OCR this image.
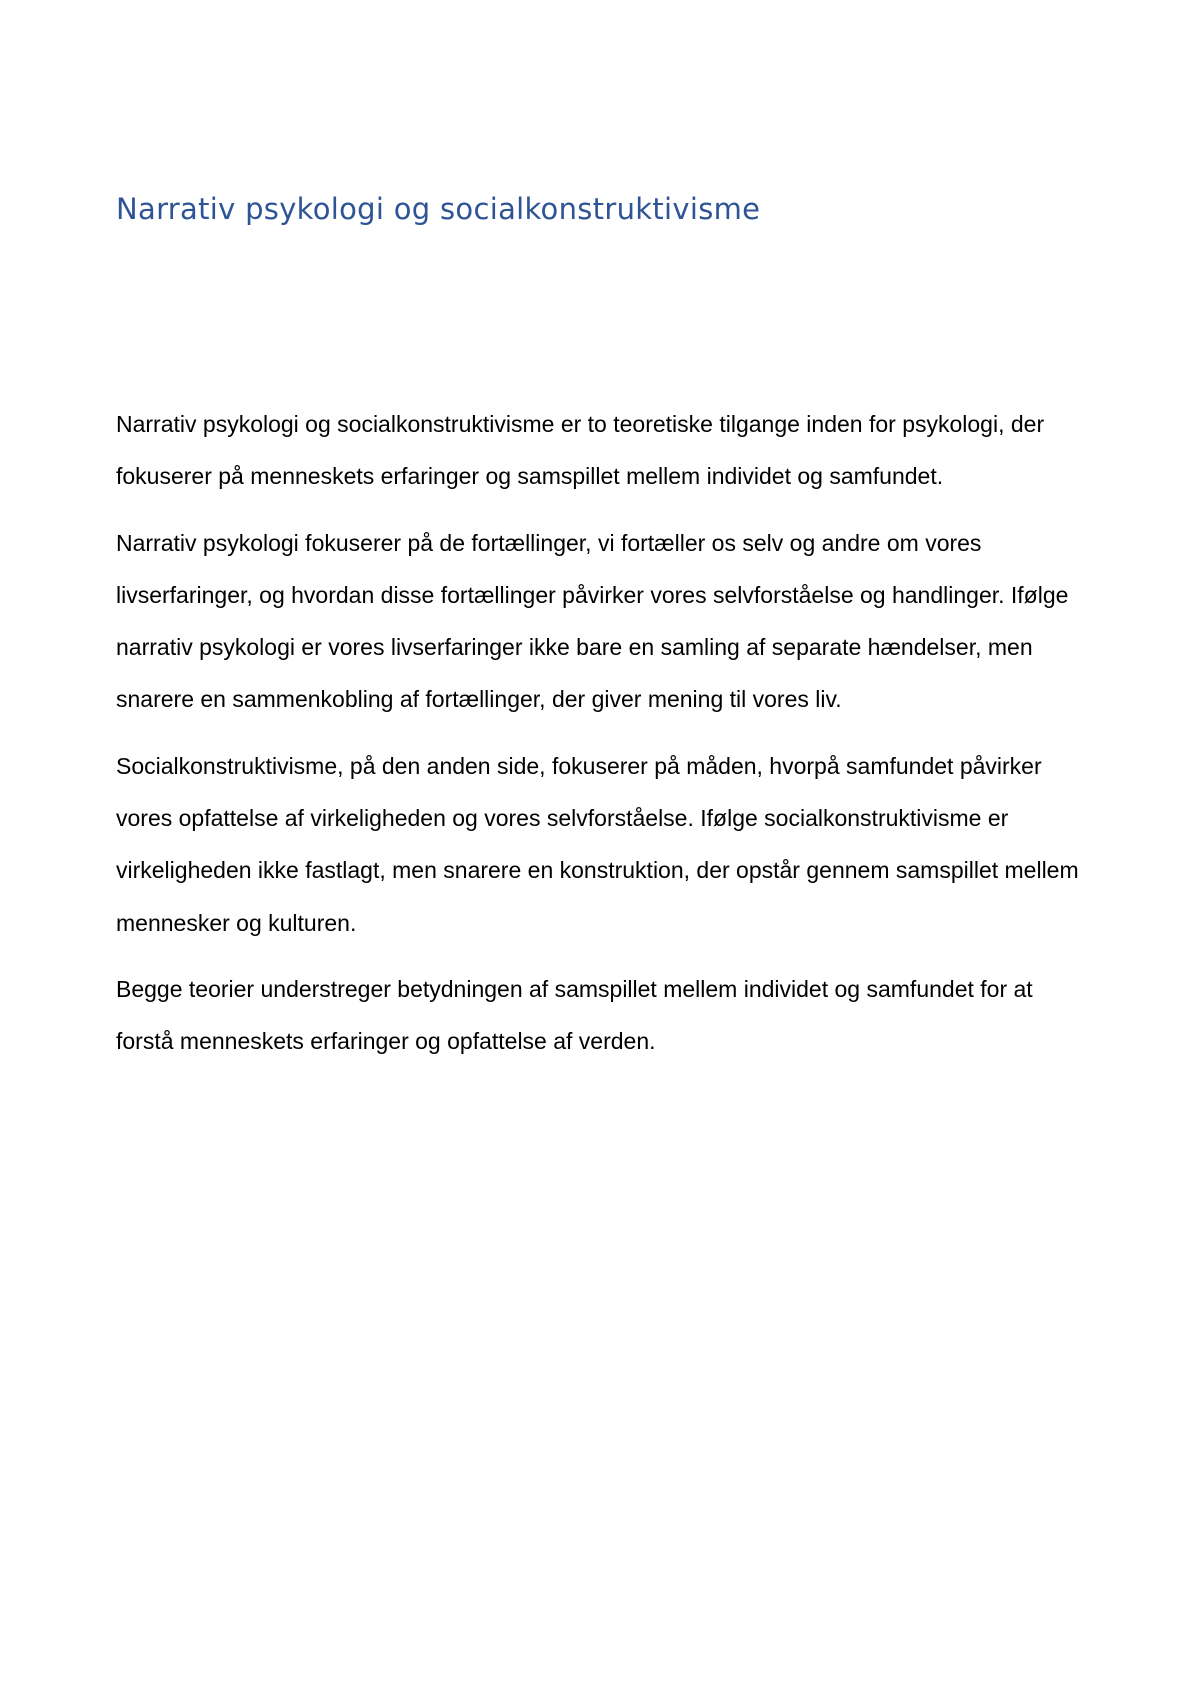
Narrativ psykologi og socialkonstruktivisme

Narrativ psykologi og socialkonstruktivisme er to teoretiske tilgange inden for psykologi, der fokuserer på menneskets erfaringer og samspillet mellem individet og samfundet.

Narrativ psykologi fokuserer på de fortællinger, vi fortæller os selv og andre om vores livserfaringer, og hvordan disse fortællinger påvirker vores selvforståelse og handlinger. Ifølge narrativ psykologi er vores livserfaringer ikke bare en samling af separate hændelser, men snarere en sammenkobling af fortællinger, der giver mening til vores liv.

Socialkonstruktivisme, på den anden side, fokuserer på måden, hvorpå samfundet påvirker vores opfattelse af virkeligheden og vores selvforståelse. Ifølge socialkonstruktivisme er virkeligheden ikke fastlagt, men snarere en konstruktion, der opstår gennem samspillet mellem mennesker og kulturen.

Begge teorier understreger betydningen af samspillet mellem individet og samfundet for at forstå menneskets erfaringer og opfattelse af verden.
